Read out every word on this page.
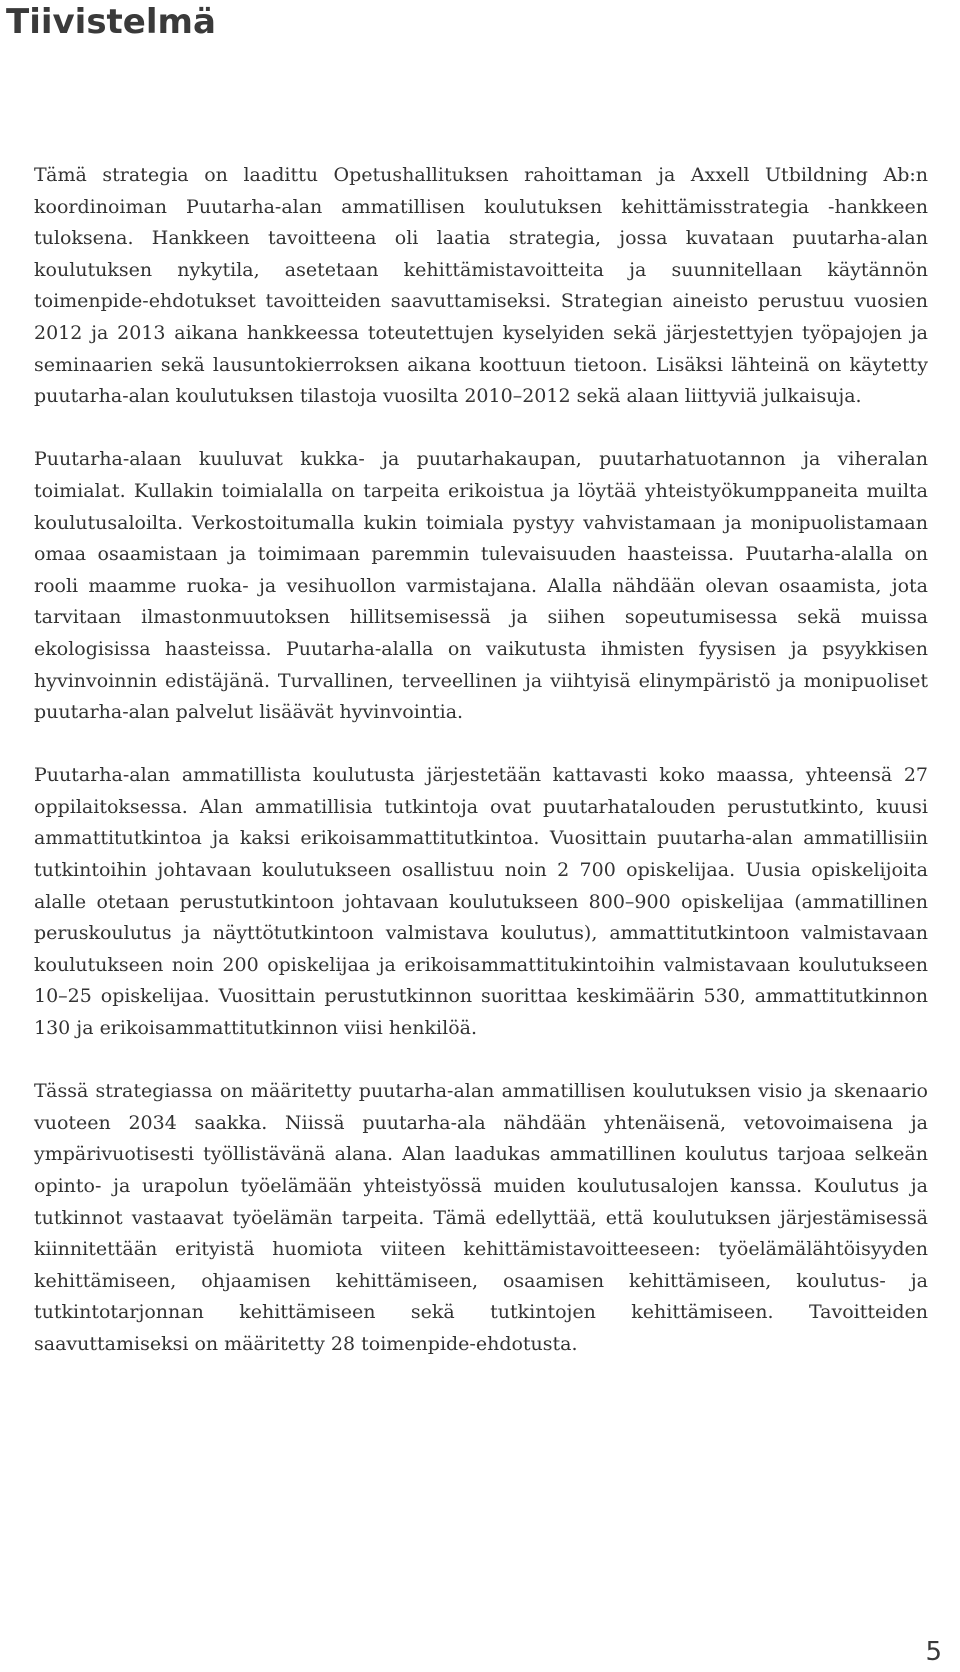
Tiivistelmä

Tämä strategia on laadittu Opetushallituksen rahoittaman ja Axxell Utbildning Ab:n koordinoiman Puutarha-alan ammatillisen koulutuksen kehittämisstrategia -hankkeen tuloksena. Hankkeen tavoitteena oli laatia strategia, jossa kuvataan puutarha-alan koulutuksen nykytila, asetetaan kehittämistavoitteita ja suunnitellaan käytännön toimenpide-ehdotukset tavoitteiden saavuttamiseksi. Strategian aineisto perustuu vuosien 2012 ja 2013 aikana hankkeessa toteutettujen kyselyiden sekä järjestettyjen työpajojen ja seminaarien sekä lausuntokierroksen aikana koottuun tietoon. Lisäksi lähteinä on käytetty puutarha-alan koulutuksen tilastoja vuosilta 2010–2012 sekä alaan liittyviä julkaisuja.

Puutarha-alaan kuuluvat kukka- ja puutarhakaupan, puutarhatuotannon ja viheralan toimialat. Kullakin toimialalla on tarpeita erikoistua ja löytää yhteistyökumppaneita muilta koulutusaloilta. Verkostoitumalla kukin toimiala pystyy vahvistamaan ja monipuolistamaan omaa osaamistaan ja toimimaan paremmin tulevaisuuden haasteissa. Puutarha-alalla on rooli maamme ruoka- ja vesihuollon varmistajana. Alalla nähdään olevan osaamista, jota tarvitaan ilmastonmuutoksen hillitsemisessä ja siihen sopeutumisessa sekä muissa ekologisissa haasteissa. Puutarha-alalla on vaikutusta ihmisten fyysisen ja psyykkisen hyvinvoinnin edistäjänä. Turvallinen, terveellinen ja viihtyisä elinympäristö ja monipuoliset puutarha-alan palvelut lisäävät hyvinvointia.

Puutarha-alan ammatillista koulutusta järjestetään kattavasti koko maassa, yhteensä 27 oppilaitoksessa. Alan ammatillisia tutkintoja ovat puutarhatalouden perustutkinto, kuusi ammattitutkintoa ja kaksi erikoisammattitutkintoa. Vuosittain puutarha-alan ammatillisiin tutkintoihin johtavaan koulutukseen osallistuu noin 2 700 opiskelijaa. Uusia opiskelijoita alalle otetaan perustutkintoon johtavaan koulutukseen 800–900 opiskelijaa (ammatillinen peruskoulutus ja näyttötutkintoon valmistava koulutus), ammattitutkintoon valmistavaan koulutukseen noin 200 opiskelijaa ja erikoisammattitukintoihin valmistavaan koulutukseen 10–25 opiskelijaa. Vuosittain perustutkinnon suorittaa keskimäärin 530, ammattitutkinnon 130 ja erikoisammattitutkinnon viisi henkilöä.

Tässä strategiassa on määritetty puutarha-alan ammatillisen koulutuksen visio ja skenaario vuoteen 2034 saakka. Niissä puutarha-ala nähdään yhtenäisenä, vetovoimaisena ja ympärivuotisesti työllistävänä alana. Alan laadukas ammatillinen koulutus tarjoaa selkeän opinto- ja urapolun työelämään yhteistyössä muiden koulutusalojen kanssa. Koulutus ja tutkinnot vastaavat työelämän tarpeita. Tämä edellyttää, että koulutuksen järjestämisessä kiinnitettään erityistä huomiota viiteen kehittämistavoitteeseen: työelämälähtöisyyden kehittämiseen, ohjaamisen kehittämiseen, osaamisen kehittämiseen, koulutus- ja tutkintotarjonnan kehittämiseen sekä tutkintojen kehittämiseen. Tavoitteiden saavuttamiseksi on määritetty 28 toimenpide-ehdotusta.

5
